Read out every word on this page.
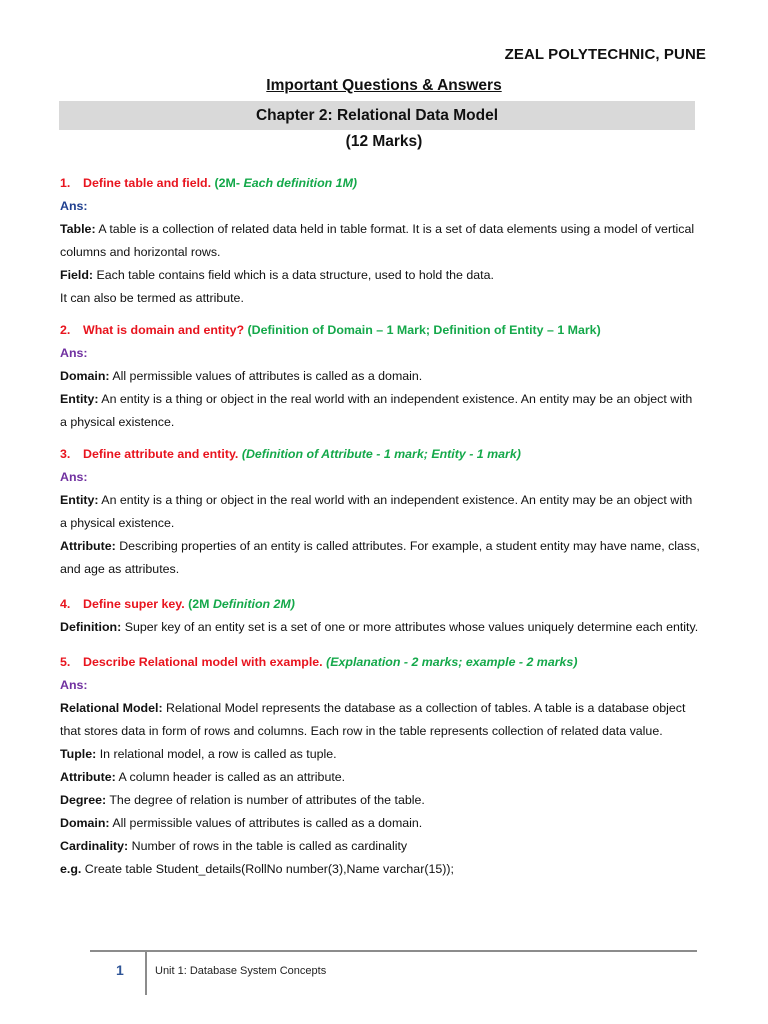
ZEAL POLYTECHNIC, PUNE
Important Questions & Answers
Chapter 2: Relational Data Model
(12 Marks)

1. Define table and field. (2M- Each definition 1M)

Ans:

Table: A table is a collection of related data held in table format. It is a set of data elements using a model of vertical columns and horizontal rows.

Field: Each table contains field which is a data structure, used to hold the data.

It can also be termed as attribute.

2. What is domain and entity? (Definition of Domain – 1 Mark; Definition of Entity – 1 Mark)

Ans:

Domain: All permissible values of attributes is called as a domain.

Entity: An entity is a thing or object in the real world with an independent existence. An entity may be an object with a physical existence.

3. Define attribute and entity. (Definition of Attribute - 1 mark; Entity - 1 mark)

Ans:

Entity: An entity is a thing or object in the real world with an independent existence. An entity may be an object with a physical existence.

Attribute: Describing properties of an entity is called attributes. For example, a student entity may have name, class, and age as attributes.

4. Define super key. (2M Definition 2M)

Definition: Super key of an entity set is a set of one or more attributes whose values uniquely determine each entity.

5. Describe Relational model with example. (Explanation - 2 marks; example - 2 marks)

Ans:

Relational Model: Relational Model represents the database as a collection of tables. A table is a database object that stores data in form of rows and columns. Each row in the table represents collection of related data value.

Tuple: In relational model, a row is called as tuple.

Attribute: A column header is called as an attribute.

Degree: The degree of relation is number of attributes of the table.

Domain: All permissible values of attributes is called as a domain.

Cardinality: Number of rows in the table is called as cardinality

e.g. Create table Student_details(RollNo number(3),Name varchar(15));

1	Unit 1: Database System Concepts
